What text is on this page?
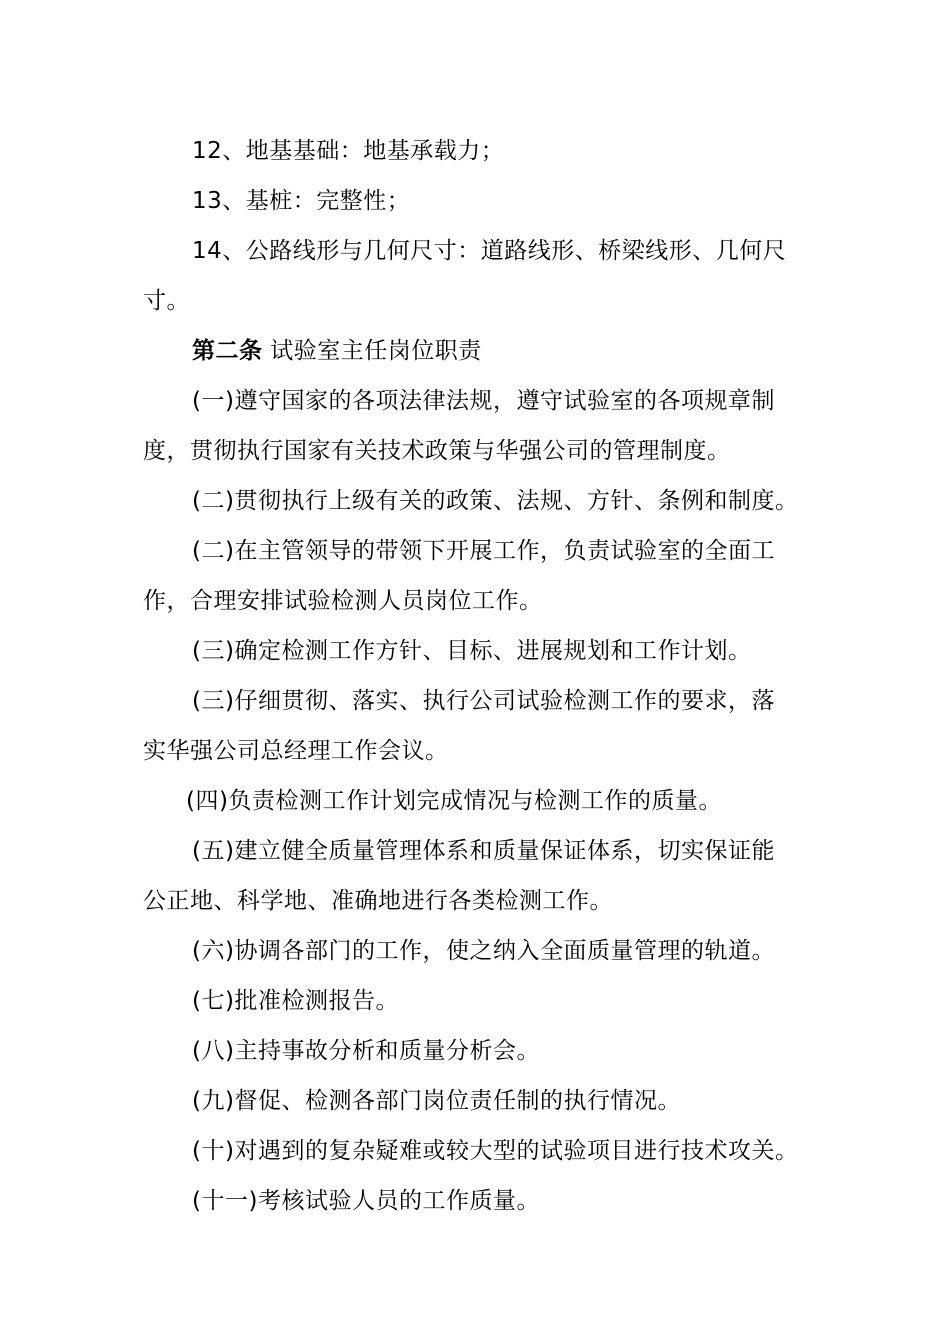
12、地基基础：地基承载力；
13、基桩：完整性；
14、公路线形与几何尺寸：道路线形、桥梁线形、几何尺
寸。
第二条 试验室主任岗位职责
(一)遵守国家的各项法律法规，遵守试验室的各项规章制
度，贯彻执行国家有关技术政策与华强公司的管理制度。
(二)贯彻执行上级有关的政策、法规、方针、条例和制度。
(二)在主管领导的带领下开展工作，负责试验室的全面工
作，合理安排试验检测人员岗位工作。
(三)确定检测工作方针、目标、进展规划和工作计划。
(三)仔细贯彻、落实、执行公司试验检测工作的要求，落
实华强公司总经理工作会议。
(四)负责检测工作计划完成情况与检测工作的质量。
(五)建立健全质量管理体系和质量保证体系，切实保证能
公正地、科学地、准确地进行各类检测工作。
(六)协调各部门的工作，使之纳入全面质量管理的轨道。
(七)批准检测报告。
(八)主持事故分析和质量分析会。
(九)督促、检测各部门岗位责任制的执行情况。
(十)对遇到的复杂疑难或较大型的试验项目进行技术攻关。
(十一)考核试验人员的工作质量。
